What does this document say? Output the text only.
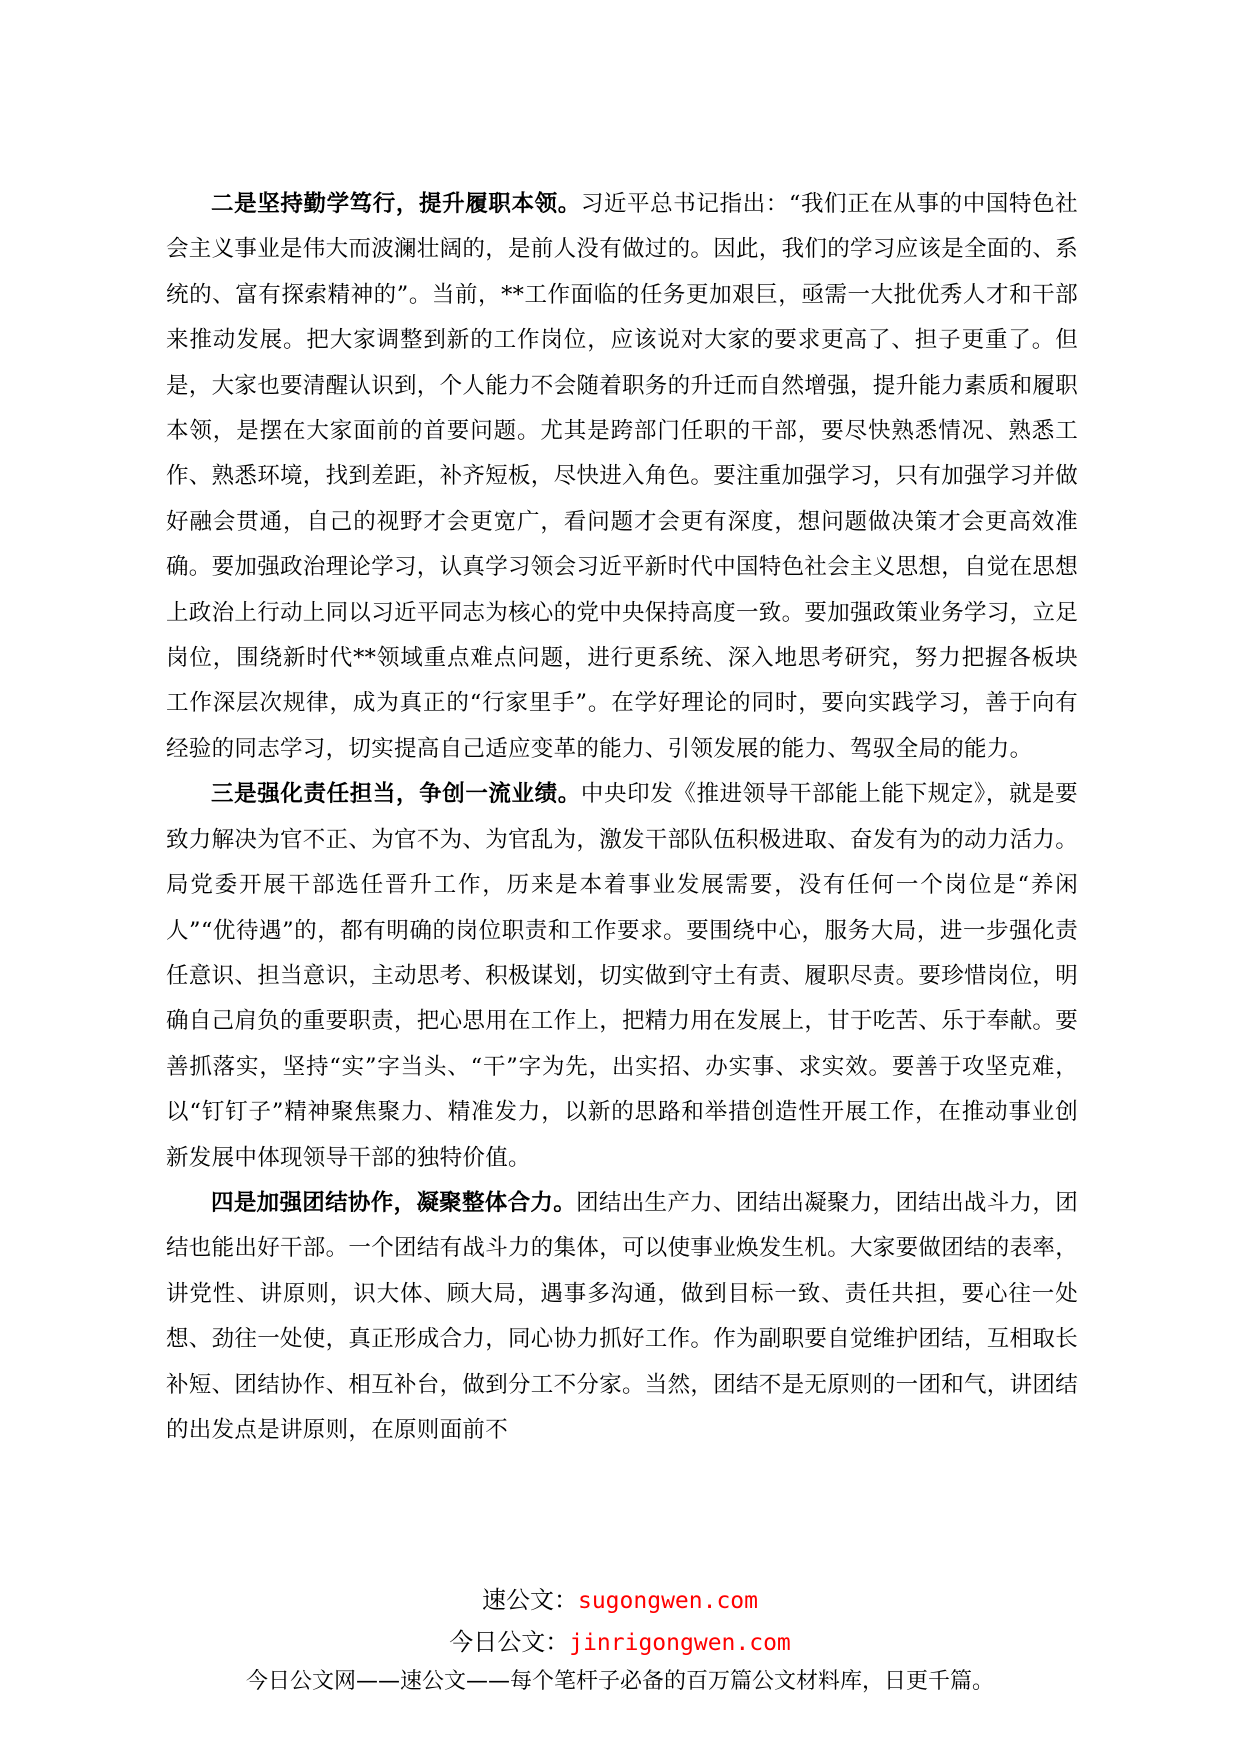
二是坚持勤学笃行，提升履职本领。习近平总书记指出：“我们正在从事的中国特色社会主义事业是伟大而波澜壮阔的，是前人没有做过的。因此，我们的学习应该是全面的、系统的、富有探索精神的”。当前，**工作面临的任务更加艰巨，亟需一大批优秀人才和干部来推动发展。把大家调整到新的工作岗位，应该说对大家的要求更高了、担子更重了。但是，大家也要清醒认识到，个人能力不会随着职务的升迁而自然增强，提升能力素质和履职本领，是摆在大家面前的首要问题。尤其是跨部门任职的干部，要尽快熟悉情况、熟悉工作、熟悉环境，找到差距，补齐短板，尽快进入角色。要注重加强学习，只有加强学习并做好融会贯通，自己的视野才会更宽广，看问题才会更有深度，想问题做决策才会更高效准确。要加强政治理论学习，认真学习领会习近平新时代中国特色社会主义思想，自觉在思想上政治上行动上同以习近平同志为核心的党中央保持高度一致。要加强政策业务学习，立足岗位，围绕新时代**领域重点难点问题，进行更系统、深入地思考研究，努力把握各板块工作深层次规律，成为真正的“行家里手”。在学好理论的同时，要向实践学习，善于向有经验的同志学习，切实提高自己适应变革的能力、引领发展的能力、驾驭全局的能力。

三是强化责任担当，争创一流业绩。中央印发《推进领导干部能上能下规定》，就是要致力解决为官不正、为官不为、为官乱为，激发干部队伍积极进取、奋发有为的动力活力。局党委开展干部选任晋升工作，历来是本着事业发展需要，没有任何一个岗位是“养闲人”“优待遇”的，都有明确的岗位职责和工作要求。要围绕中心，服务大局，进一步强化责任意识、担当意识，主动思考、积极谋划，切实做到守土有责、履职尽责。要珍惜岗位，明确自己肩负的重要职责，把心思用在工作上，把精力用在发展上，甘于吃苦、乐于奉献。要善抓落实，坚持“实”字当头、“干”字为先，出实招、办实事、求实效。要善于攻坚克难，以“钉钉子”精神聚焦聚力、精准发力，以新的思路和举措创造性开展工作，在推动事业创新发展中体现领导干部的独特价值。

四是加强团结协作，凝聚整体合力。团结出生产力、团结出凝聚力，团结出战斗力，团结也能出好干部。一个团结有战斗力的集体，可以使事业焕发生机。大家要做团结的表率，讲党性、讲原则，识大体、顾大局，遇事多沟通，做到目标一致、责任共担，要心往一处想、劲往一处使，真正形成合力，同心协力抓好工作。作为副职要自觉维护团结，互相取长补短、团结协作、相互补台，做到分工不分家。当然，团结不是无原则的一团和气，讲团结的出发点是讲原则，在原则面前不

速公文：sugongwen.com
今日公文：jinrigongwen.com
今日公文网——速公文——每个笔杆子必备的百万篇公文材料库，日更千篇。
